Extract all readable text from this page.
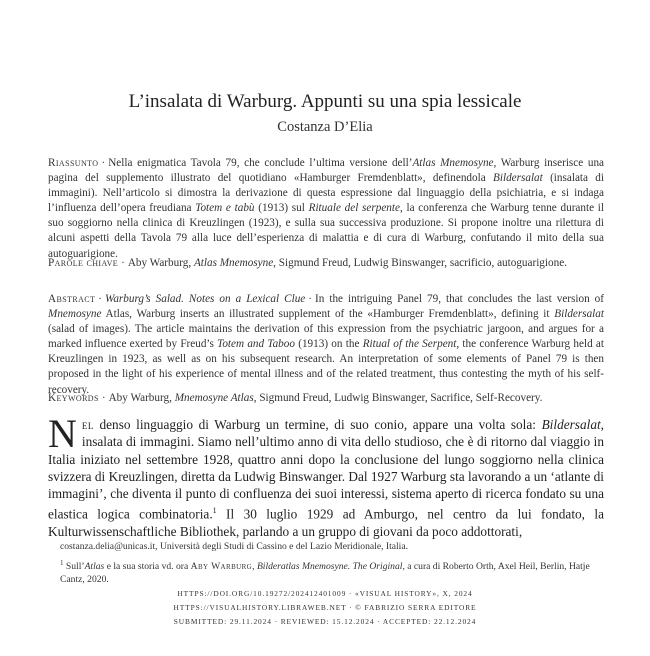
L’insalata di Warburg. Appunti su una spia lessicale
Costanza D’Elia
Riassunto · Nella enigmatica Tavola 79, che conclude l’ultima versione dell’Atlas Mnemosyne, Warburg inserisce una pagina del supplemento illustrato del quotidiano «Hamburger Fremdenblatt», definendola Bildersalat (insalata di immagini). Nell’articolo si dimostra la derivazione di questa espressione dal linguaggio della psichiatria, e si indaga l’influenza dell’opera freudiana Totem e tabù (1913) sul Rituale del serpente, la conferenza che Warburg tenne durante il suo soggiorno nella clinica di Kreuzlingen (1923), e sulla sua successiva produzione. Si propone inoltre una rilettura di alcuni aspetti della Tavola 79 alla luce dell’esperienza di malattia e di cura di Warburg, confutando il mito della sua autoguarigione.
Parole chiave · Aby Warburg, Atlas Mnemosyne, Sigmund Freud, Ludwig Binswanger, sacrificio, autoguarigione.
Abstract · Warburg’s Salad. Notes on a Lexical Clue · In the intriguing Panel 79, that concludes the last version of Mnemosyne Atlas, Warburg inserts an illustrated supplement of the «Hamburger Fremdenblatt», defining it Bildersalat (salad of images). The article maintains the derivation of this expression from the psychiatric jargoon, and argues for a marked influence exerted by Freud’s Totem and Taboo (1913) on the Ritual of the Serpent, the conference Warburg held at Kreuzlingen in 1923, as well as on his subsequent research. An interpretation of some elements of Panel 79 is then proposed in the light of his experience of mental illness and of the related treatment, thus contesting the myth of his self-recovery.
Keywords · Aby Warburg, Mnemosyne Atlas, Sigmund Freud, Ludwig Binswanger, Sacrifice, Self-Recovery.
Nel denso linguaggio di Warburg un termine, di suo conio, appare una volta sola: Bildersalat, insalata di immagini. Siamo nell’ultimo anno di vita dello studioso, che è di ritorno dal viaggio in Italia iniziato nel settembre 1928, quattro anni dopo la conclusione del lungo soggiorno nella clinica svizzera di Kreuzlingen, diretta da Ludwig Binswanger. Dal 1927 Warburg sta lavorando a un ‘atlante di immagini’, che diventa il punto di confluenza dei suoi interessi, sistema aperto di ricerca fondato su una elastica logica combinatoria.$^1$ Il 30 luglio 1929 ad Amburgo, nel centro da lui fondato, la Kulturwissenschaftliche Bibliothek, parlando a un gruppo di giovani da poco addottorati,
costanza.delia@unicas.it, Università degli Studi di Cassino e del Lazio Meridionale, Italia.
$^1$ Sull’Atlas e la sua storia vd. ora Aby Warburg, Bilderatlas Mnemosyne. The Original, a cura di Roberto Orth, Axel Heil, Berlin, Hatje Cantz, 2020.
HTTPS://DOI.ORG/10.19272/202412401009 · «VISUAL HISTORY», X, 2024
HTTPS://VISUALHISTORY.LIBRAWEB.NET · © FABRIZIO SERRA EDITORE
SUBMITTED: 29.11.2024 · REVIEWED: 15.12.2024 · ACCEPTED: 22.12.2024
